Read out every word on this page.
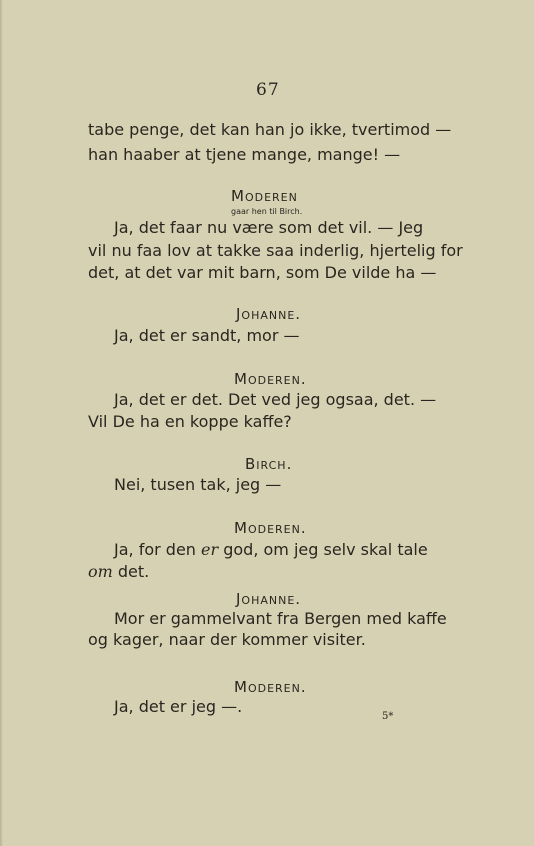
67
tabe penge, det kan han jo ikke, tvertimod —
han haaber at tjene mange, mange! —
Moderen
gaar hen til Birch.
Ja, det faar nu være som det vil. — Jeg
vil nu faa lov at takke saa inderlig, hjertelig for
det, at det var mit barn, som De vilde ha —
Johanne.
Ja, det er sandt, mor —
Moderen.
Ja, det er det. Det ved jeg ogsaa, det. —
Vil De ha en koppe kaffe?
Birch.
Nei, tusen tak, jeg —
Moderen.
Ja, for den er god, om jeg selv skal tale
om det.
Johanne.
Mor er gammelvant fra Bergen med kaffe
og kager, naar der kommer visiter.
Moderen.
Ja, det er jeg —.
5*
